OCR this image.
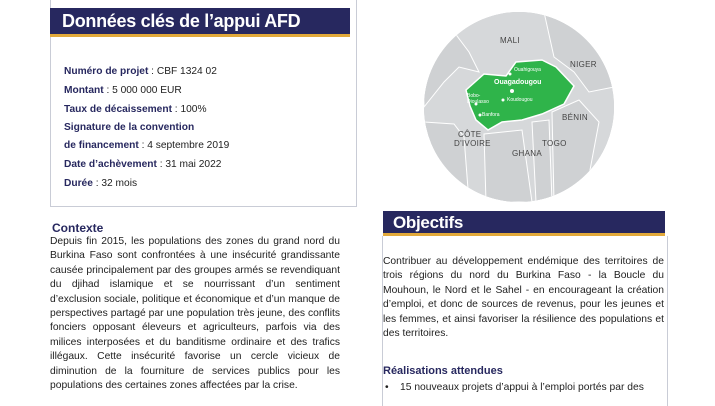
Données clés de l’appui AFD
Numéro de projet : CBF 1324 02
Montant : 5 000 000 EUR
Taux de décaissement : 100%
Signature de la convention
de financement : 4 septembre 2019
Date d’achèvement : 31 mai 2022
Durée : 32 mois
Contexte
Depuis fin 2015, les populations des zones du grand nord du Burkina Faso sont confrontées à une insécurité grandissante causée principalement par des groupes armés se revendiquant du djihad islamique et se nourrissant d’un sentiment d’exclusion sociale, politique et économique et d’un manque de perspectives partagé par une population très jeune, des conflits fonciers opposant éleveurs et agriculteurs, parfois via des milices interposées et du banditisme ordinaire et des trafics illégaux. Cette insécurité favorise un cercle vicieux de diminution de la fourniture de services publics pour les populations des certaines zones affectées par la crise.
MALI
NIGER
BÉNIN
TOGO
GHANA
CÔTE
D'IVOIRE
Ouagadougou
Ouahigouya
Koudougou
Bobo-Dioulasso
Banfora
Objectifs
Contribuer au développement endémique des territoires de trois régions du nord du Burkina Faso - la Boucle du Mouhoun, le Nord et le Sahel - en encourageant la création d’emploi, et donc de sources de revenus, pour les jeunes et les femmes, et ainsi favoriser la résilience des populations et des territoires.
Réalisations attendues
• 15 nouveaux projets d’appui à l’emploi portés par des
